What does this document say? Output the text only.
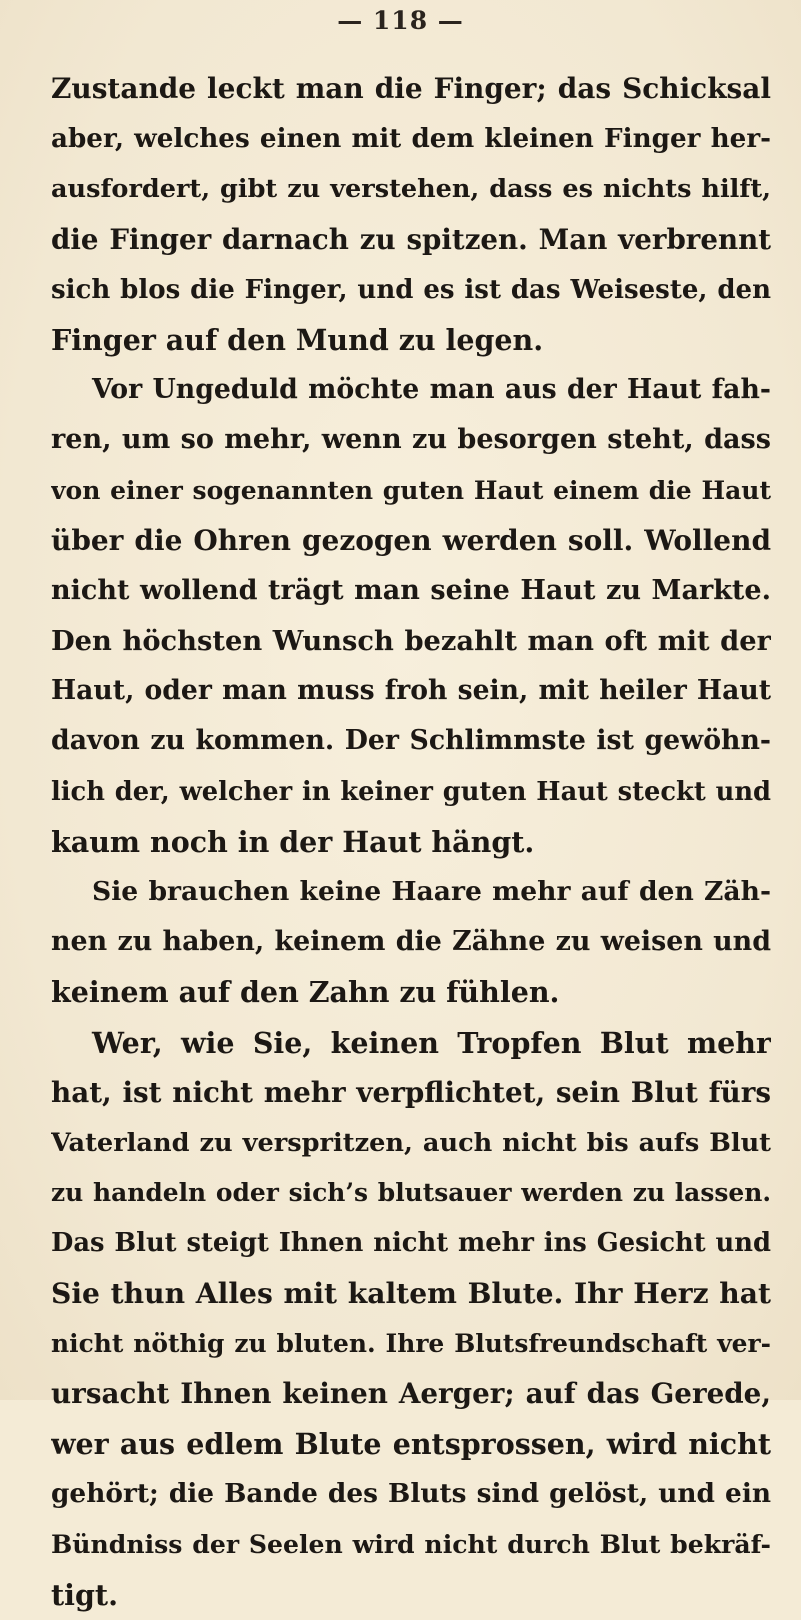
— 118 —
Zustande leckt man die Finger; das Schicksal
aber, welches einen mit dem kleinen Finger her-
ausfordert, gibt zu verstehen, dass es nichts hilft,
die Finger darnach zu spitzen. Man verbrennt
sich blos die Finger, und es ist das Weiseste, den
Finger auf den Mund zu legen.
Vor Ungeduld möchte man aus der Haut fah-
ren, um so mehr, wenn zu besorgen steht, dass
von einer sogenannten guten Haut einem die Haut
über die Ohren gezogen werden soll. Wollend
nicht wollend trägt man seine Haut zu Markte.
Den höchsten Wunsch bezahlt man oft mit der
Haut, oder man muss froh sein, mit heiler Haut
davon zu kommen. Der Schlimmste ist gewöhn-
lich der, welcher in keiner guten Haut steckt und
kaum noch in der Haut hängt.
Sie brauchen keine Haare mehr auf den Zäh-
nen zu haben, keinem die Zähne zu weisen und
keinem auf den Zahn zu fühlen.
Wer, wie Sie, keinen Tropfen Blut mehr
hat, ist nicht mehr verpflichtet, sein Blut fürs
Vaterland zu verspritzen, auch nicht bis aufs Blut
zu handeln oder sich’s blutsauer werden zu lassen.
Das Blut steigt Ihnen nicht mehr ins Gesicht und
Sie thun Alles mit kaltem Blute. Ihr Herz hat
nicht nöthig zu bluten. Ihre Blutsfreundschaft ver-
ursacht Ihnen keinen Aerger; auf das Gerede,
wer aus edlem Blute entsprossen, wird nicht
gehört; die Bande des Bluts sind gelöst, und ein
Bündniss der Seelen wird nicht durch Blut bekräf-
tigt.
